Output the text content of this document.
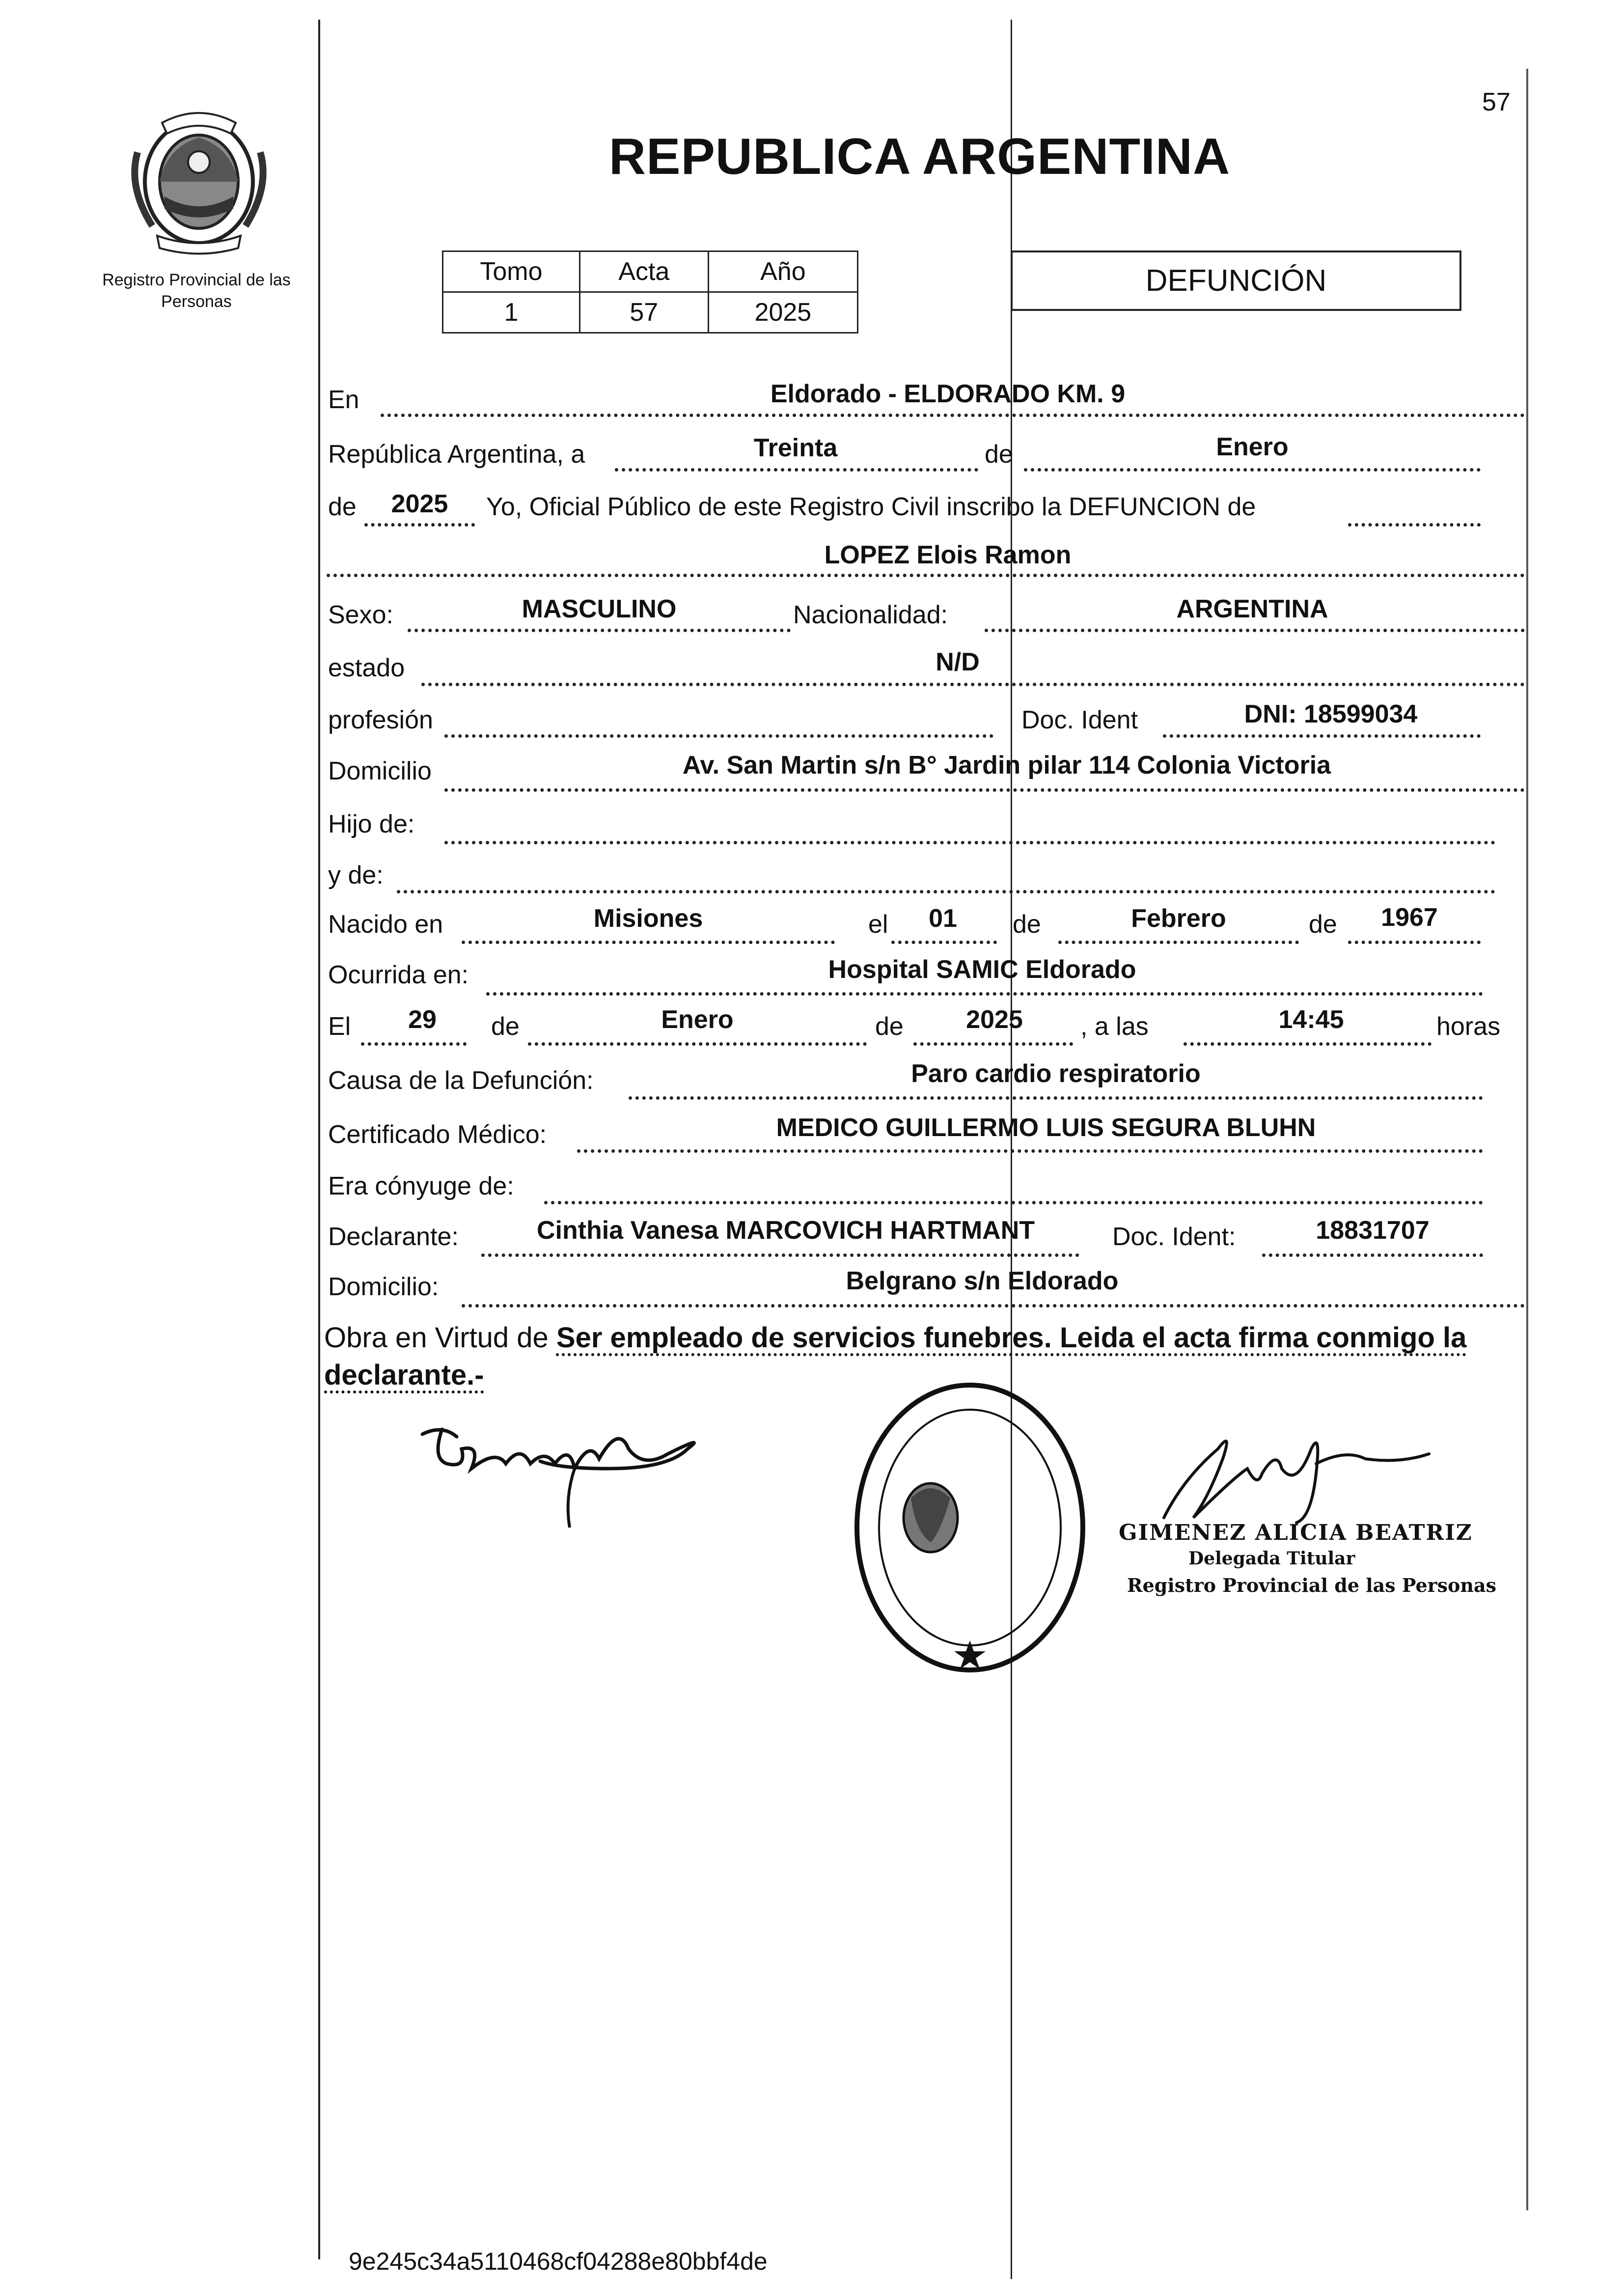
57
Registro Provincial de las Personas
REPUBLICA ARGENTINA
Tomo	Acta	Año
1	57	2025
DEFUNCIÓN
En	Eldorado - ELDORADO KM. 9
República Argentina, a	Treinta	de	Enero
de	2025	Yo, Oficial Público de este Registro Civil inscribo la DEFUNCION de
LOPEZ Elois Ramon
Sexo:	MASCULINO	Nacionalidad:	ARGENTINA
estado	N/D
profesión	Doc. Ident	DNI: 18599034
Domicilio	Av. San Martin s/n B° Jardin pilar 114 Colonia Victoria
Hijo de:
y de:
Nacido en	Misiones	el	01	de	Febrero	de	1967
Ocurrida en:	Hospital SAMIC Eldorado
El	29	de	Enero	de	2025	, a las	14:45	horas
Causa de la Defunción:	Paro cardio respiratorio
Certificado Médico:	MEDICO GUILLERMO LUIS SEGURA BLUHN
Era cónyuge de:
Declarante:	Cinthia Vanesa MARCOVICH HARTMANT	Doc. Ident:	18831707
Domicilio:	Belgrano s/n Eldorado
Obra en Virtud de Ser empleado de servicios funebres. Leida el acta firma conmigo la declarante.-
GIMENEZ ALICIA BEATRIZ
Delegada Titular
Registro Provincial de las Personas
9e245c34a5110468cf04288e80bbf4de
